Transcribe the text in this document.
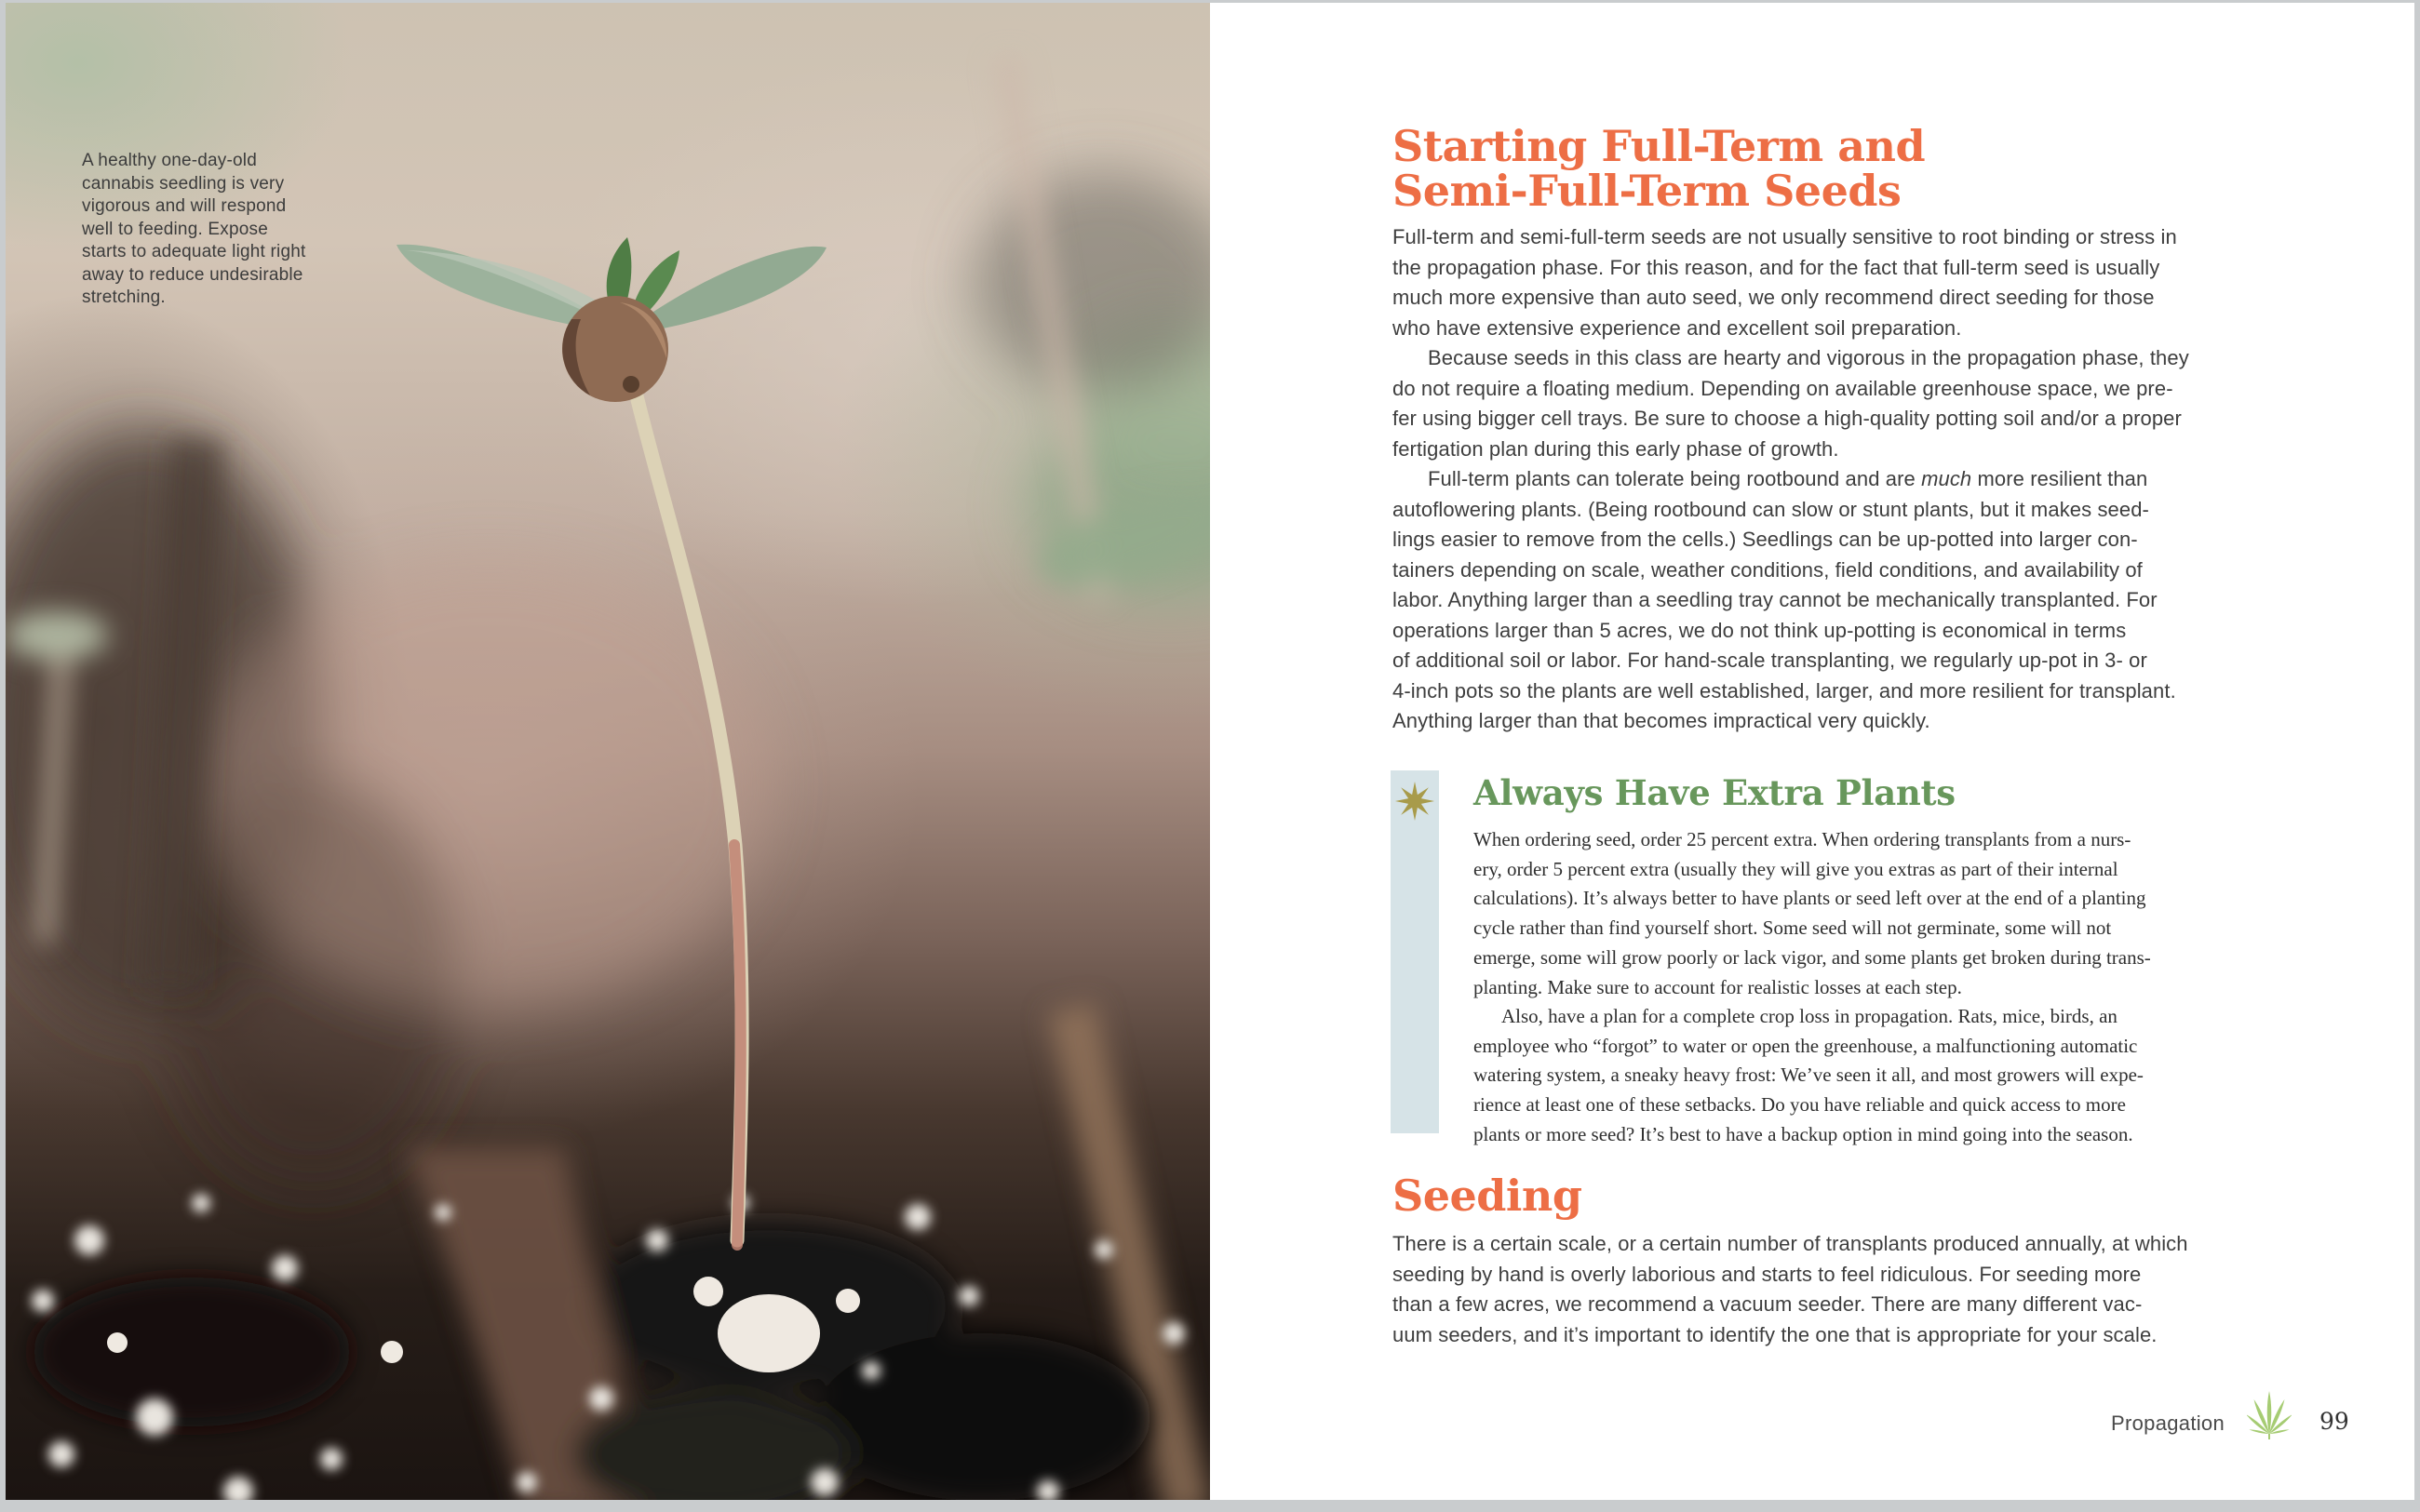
A healthy one-day-old
cannabis seedling is very
vigorous and will respond
well to feeding. Expose
starts to adequate light right
away to reduce undesirable
stretching.
Starting Full-Term and
Semi-Full-Term Seeds
Full-term and semi-full-term seeds are not usually sensitive to root binding or stress in
the propagation phase. For this reason, and for the fact that full-term seed is usually
much more expensive than auto seed, we only recommend direct seeding for those
who have extensive experience and excellent soil preparation.
Because seeds in this class are hearty and vigorous in the propagation phase, they
do not require a floating medium. Depending on available greenhouse space, we pre-
fer using bigger cell trays. Be sure to choose a high-quality potting soil and/or a proper
fertigation plan during this early phase of growth.
Full-term plants can tolerate being rootbound and are much more resilient than
autoflowering plants. (Being rootbound can slow or stunt plants, but it makes seed-
lings easier to remove from the cells.) Seedlings can be up-potted into larger con-
tainers depending on scale, weather conditions, field conditions, and availability of
labor. Anything larger than a seedling tray cannot be mechanically transplanted. For
operations larger than 5 acres, we do not think up-potting is economical in terms
of additional soil or labor. For hand-scale transplanting, we regularly up-pot in 3- or
4-inch pots so the plants are well established, larger, and more resilient for transplant.
Anything larger than that becomes impractical very quickly.
Always Have Extra Plants
When ordering seed, order 25 percent extra. When ordering transplants from a nurs-
ery, order 5 percent extra (usually they will give you extras as part of their internal
calculations). It’s always better to have plants or seed left over at the end of a planting
cycle rather than find yourself short. Some seed will not germinate, some will not
emerge, some will grow poorly or lack vigor, and some plants get broken during trans-
planting. Make sure to account for realistic losses at each step.
Also, have a plan for a complete crop loss in propagation. Rats, mice, birds, an
employee who “forgot” to water or open the greenhouse, a malfunctioning automatic
watering system, a sneaky heavy frost: We’ve seen it all, and most growers will expe-
rience at least one of these setbacks. Do you have reliable and quick access to more
plants or more seed? It’s best to have a backup option in mind going into the season.
Seeding
There is a certain scale, or a certain number of transplants produced annually, at which
seeding by hand is overly laborious and starts to feel ridiculous. For seeding more
than a few acres, we recommend a vacuum seeder. There are many different vac-
uum seeders, and it’s important to identify the one that is appropriate for your scale.
Propagation	99
